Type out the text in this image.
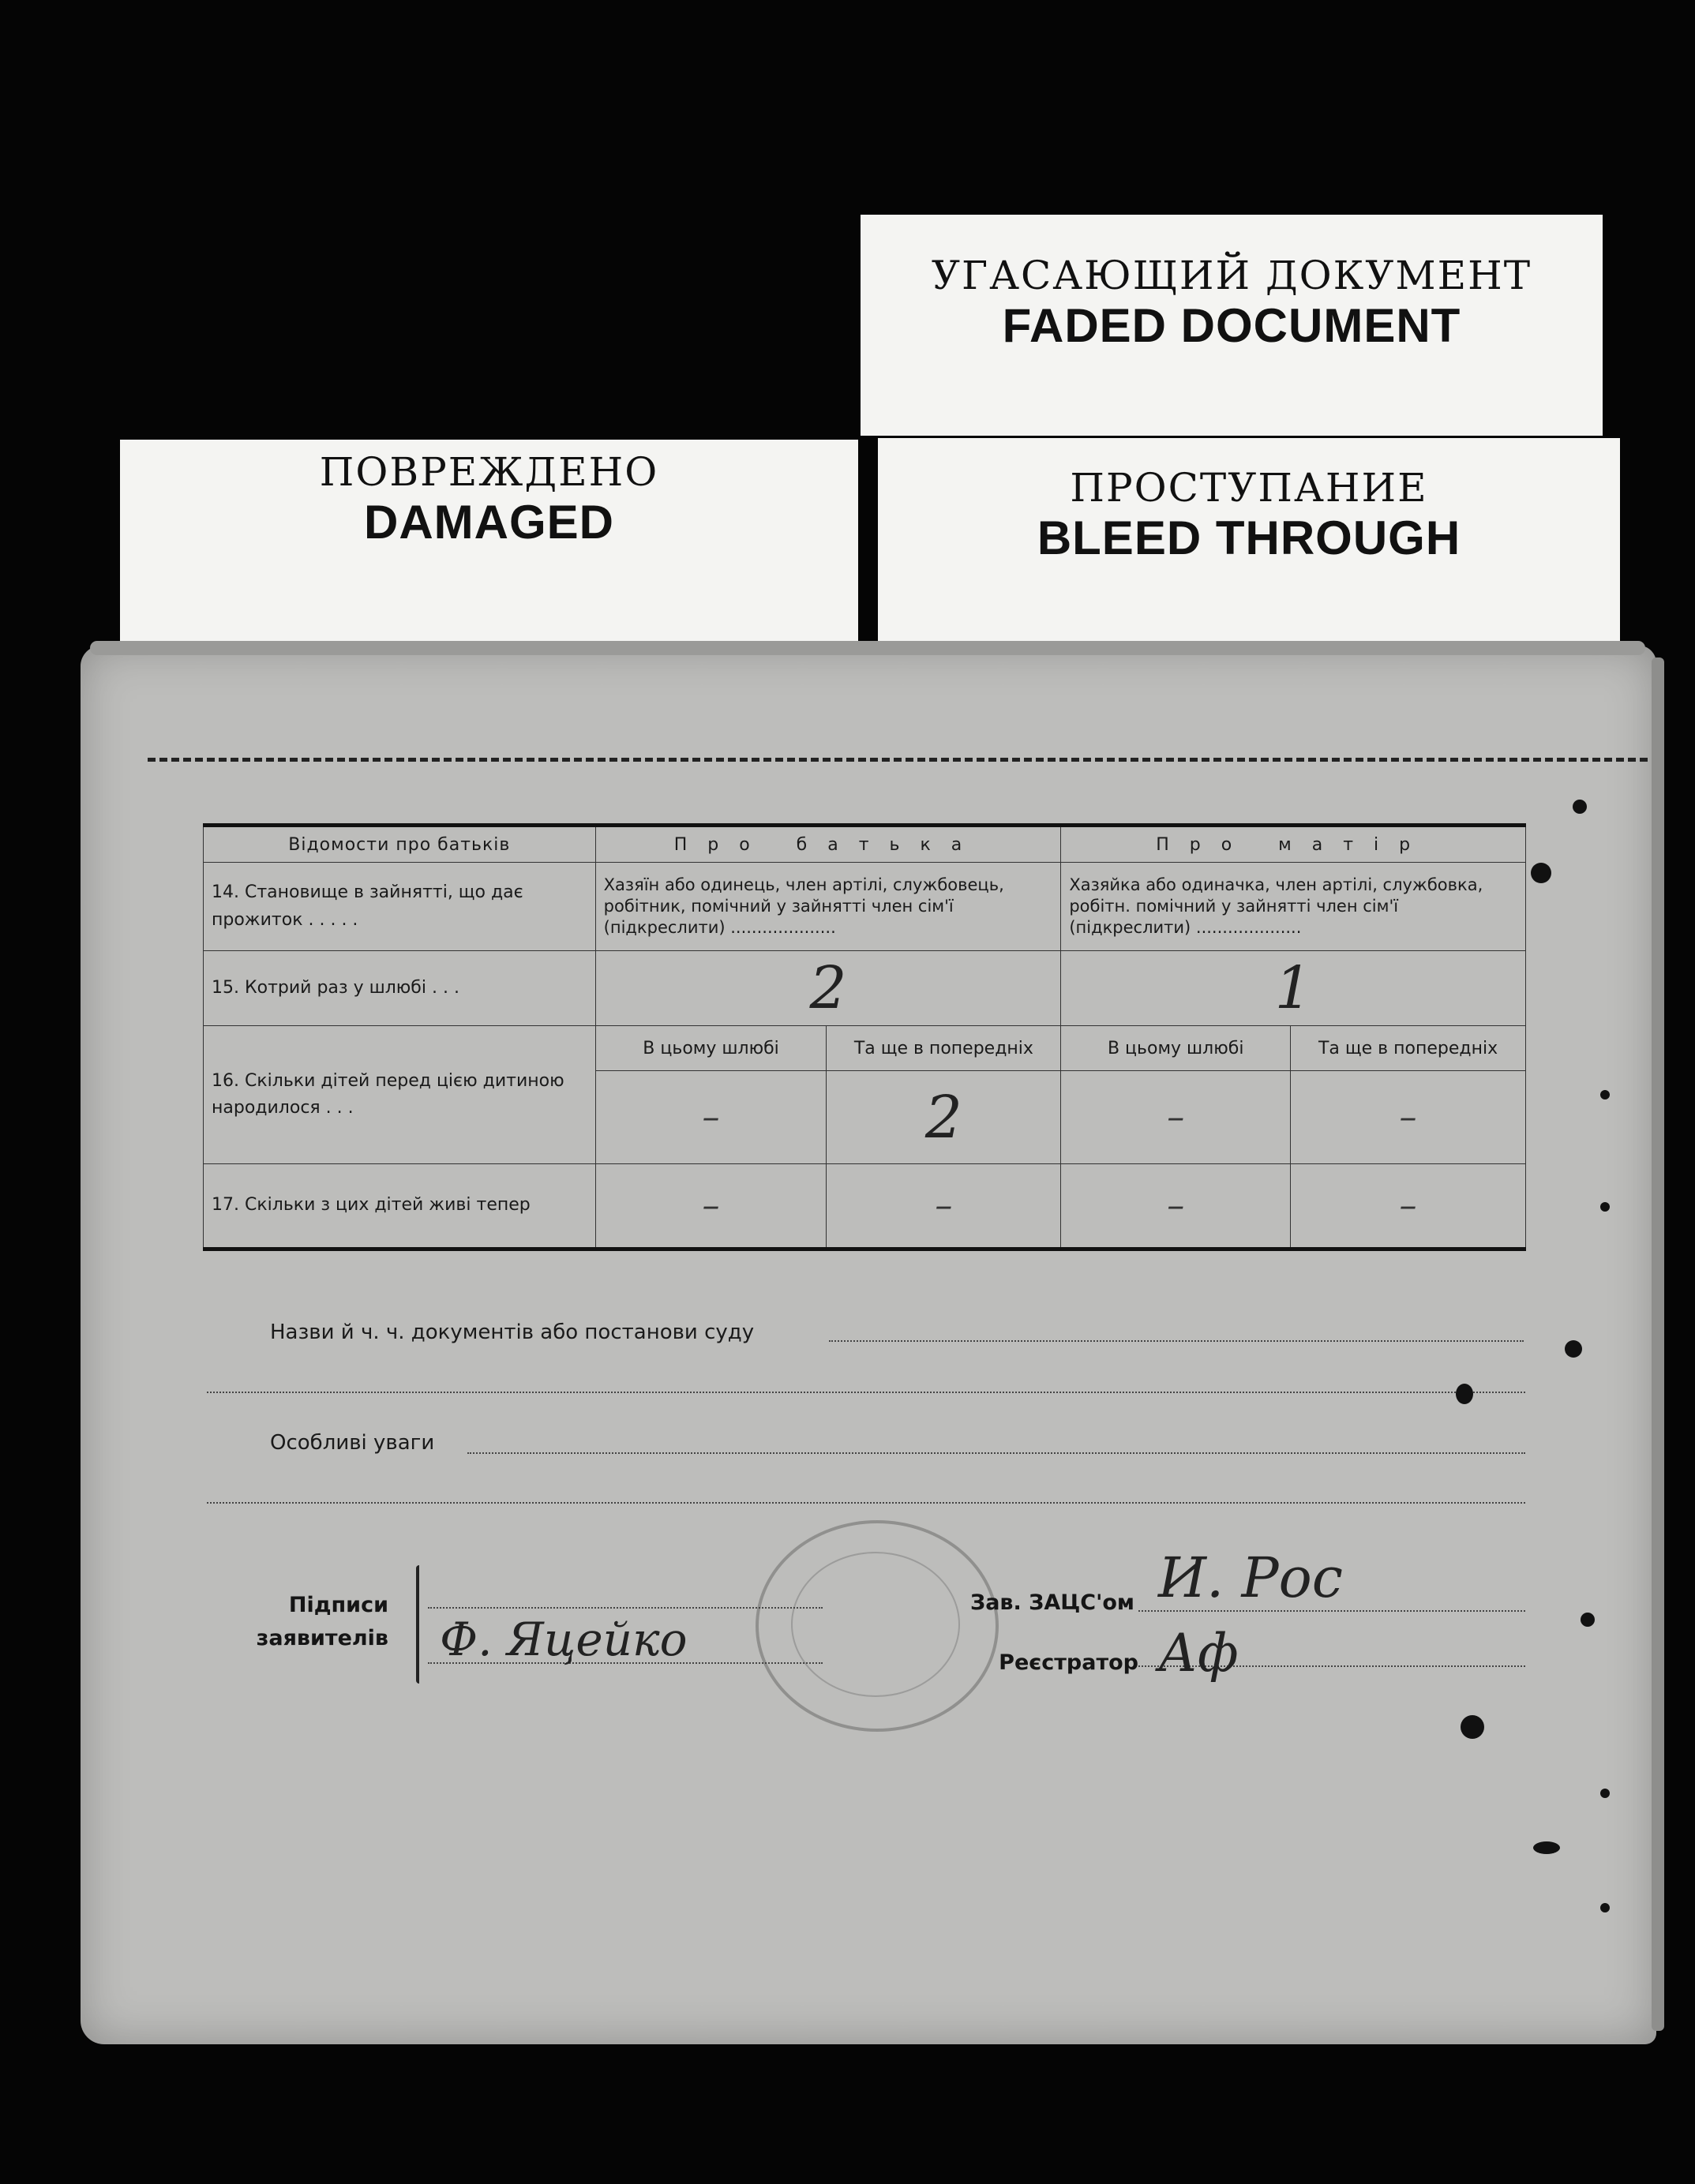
УГАСАЮЩИЙ ДОКУМЕНТ
FADED DOCUMENT
ПОВРЕЖДЕНО
DAMAGED
ПРОСТУПАНИЕ
BLEED THROUGH
Відомости про батьків	Про батька		Про матір	
14. Становище в зайнятті, що дає прожиток . . . . .	Хазяїн або одинець, член артілі, службовець, робітник, помічний у зайнятті член сім'ї (підкреслити) ....................		Хазяйка або одиначка, член артілі, службовка, робітн. помічний у зайнятті член сім'ї (підкреслити) ....................	
15. Котрий раз у шлюбі . . .	2		1	
16. Скільки дітей перед цією дитиною народилося . . .	В цьому шлюбі	Та ще в попередніх	В цьому шлюбі	Та ще в попередніх
	–	2	–	–
17. Скільки з цих дітей живі тепер	–	–	–	–
Назви й ч. ч. документів або постанови суду
Особливі уваги
Підписи
заявителів Ф. Яцейко
Зав. ЗАЦС'ом И. Рос
Реєстратор Аф
